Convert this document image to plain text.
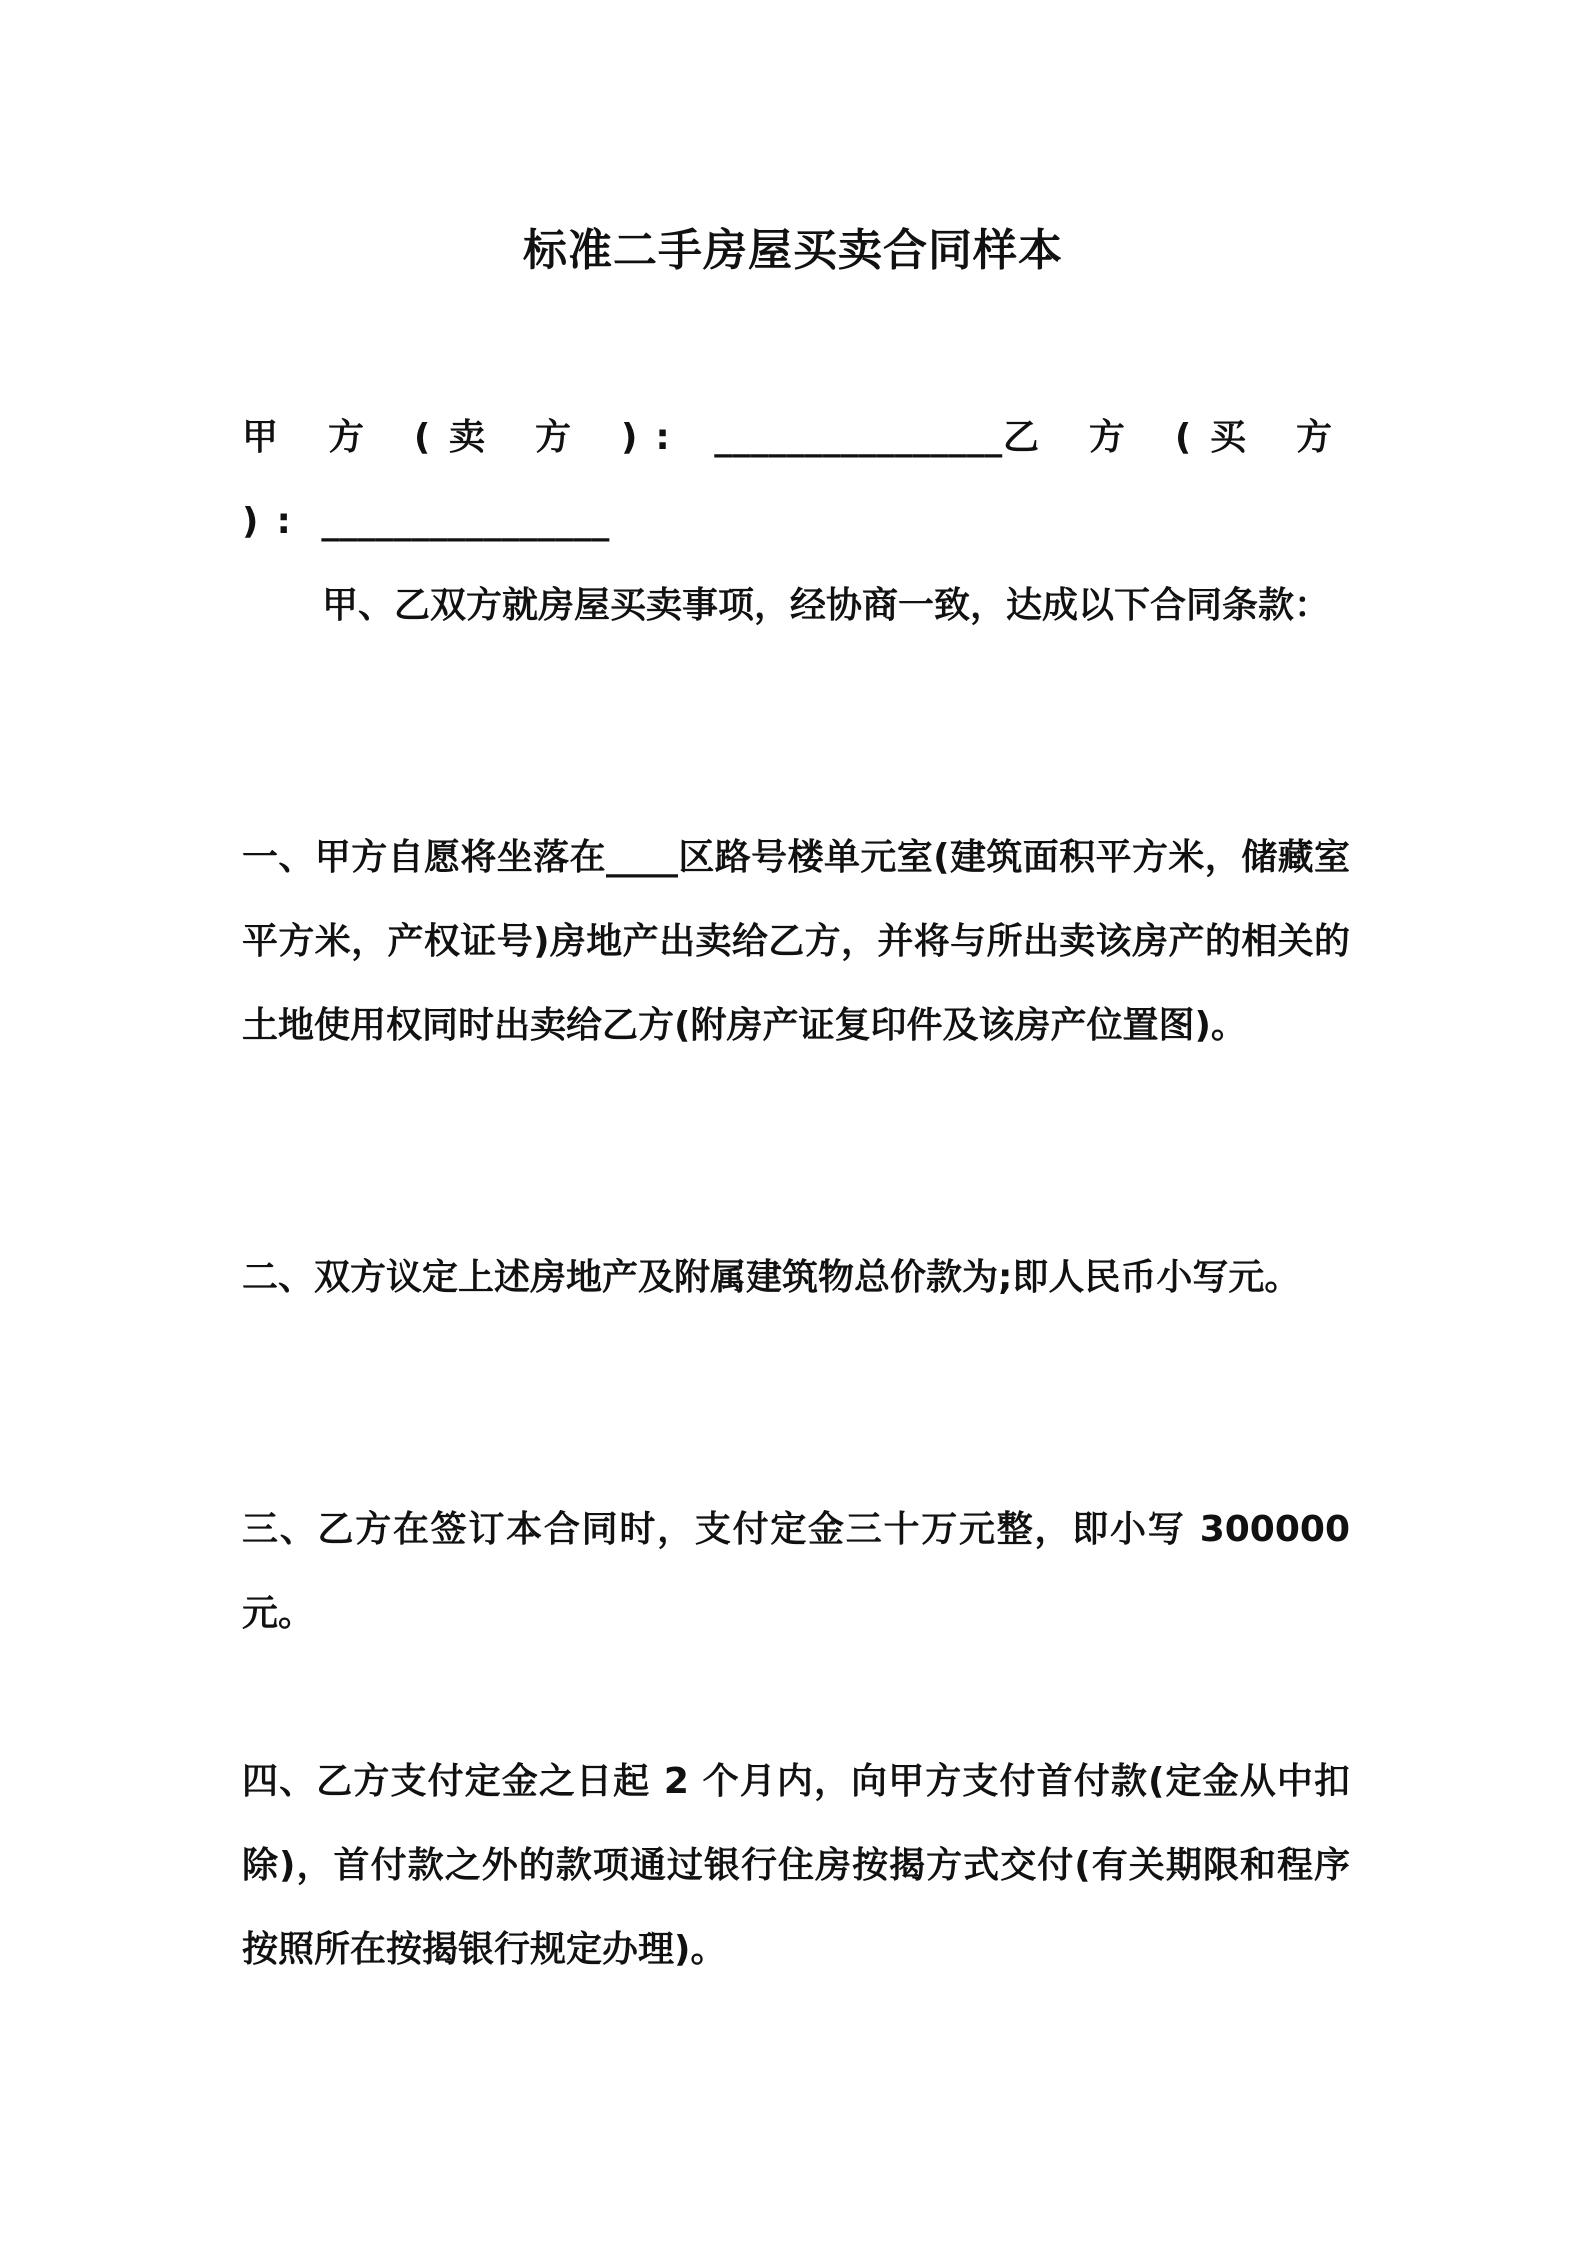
标准二手房屋买卖合同样本

甲 方 (卖 方 ): ________________乙 方 (买 方 ): ________________

甲、乙双方就房屋买卖事项，经协商一致，达成以下合同条款：

一、甲方自愿将坐落在____区路号楼单元室(建筑面积平方米，储藏室平方米，产权证号)房地产出卖给乙方，并将与所出卖该房产的相关的土地使用权同时出卖给乙方(附房产证复印件及该房产位置图)。

二、双方议定上述房地产及附属建筑物总价款为;即人民币小写元。

三、乙方在签订本合同时，支付定金三十万元整，即小写 300000 元。

四、乙方支付定金之日起 2 个月内，向甲方支付首付款(定金从中扣除)，首付款之外的款项通过银行住房按揭方式交付(有关期限和程序按照所在按揭银行规定办理)。
